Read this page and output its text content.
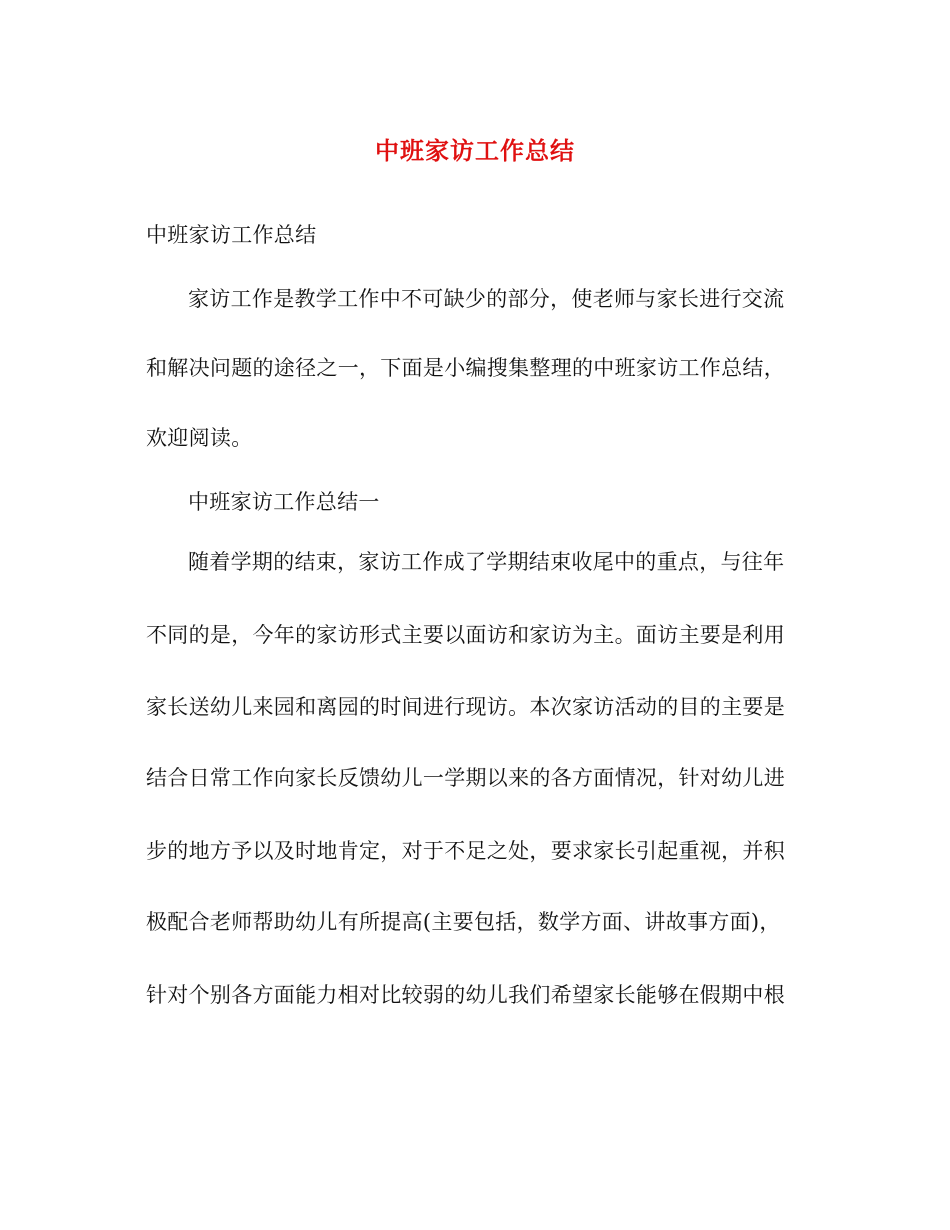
中班家访工作总结
中班家访工作总结
家访工作是教学工作中不可缺少的部分，使老师与家长进行交流
和解决问题的途径之一，下面是小编搜集整理的中班家访工作总结，
欢迎阅读。
中班家访工作总结一
随着学期的结束，家访工作成了学期结束收尾中的重点，与往年
不同的是，今年的家访形式主要以面访和家访为主。面访主要是利用
家长送幼儿来园和离园的时间进行现访。本次家访活动的目的主要是
结合日常工作向家长反馈幼儿一学期以来的各方面情况，针对幼儿进
步的地方予以及时地肯定，对于不足之处，要求家长引起重视，并积
极配合老师帮助幼儿有所提高(主要包括，数学方面、讲故事方面)，
针对个别各方面能力相对比较弱的幼儿我们希望家长能够在假期中根
